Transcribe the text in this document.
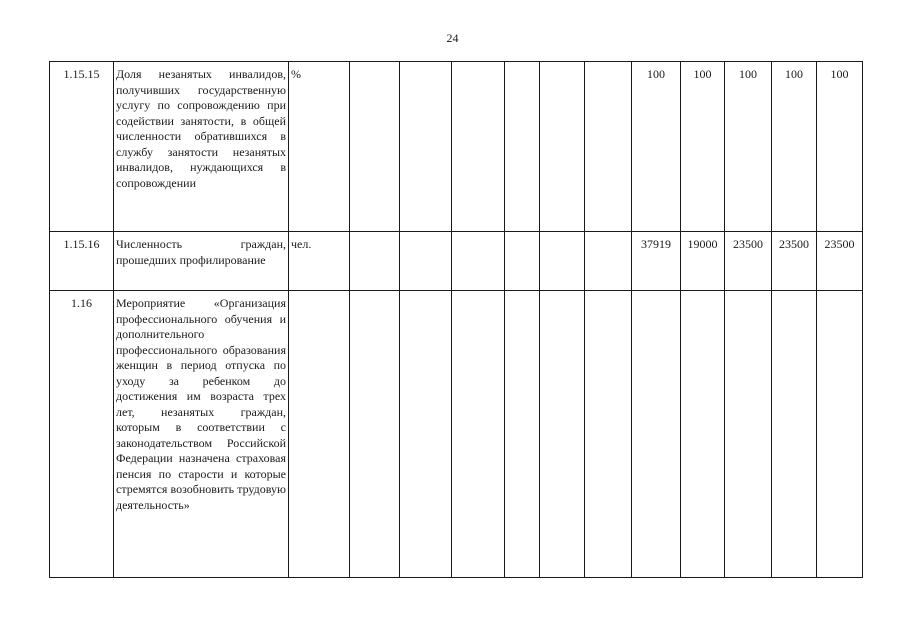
24
1.15.15	Доля незанятых инвалидов, получивших государственную услугу по сопровождению при содействии занятости, в общей численности обратившихся в службу занятости незанятых инвалидов, нуждающихся в сопровождении	%							100	100	100	100	100
1.15.16	Численность граждан, прошедших профилирование	чел.							37919	19000	23500	23500	23500
1.16	Мероприятие «Организация профессионального обучения и дополнительного профессионального образования женщин в период отпуска по уходу за ребенком до достижения им возраста трех лет, незанятых граждан, которым в соответствии с законодательством Российской Федерации назначена страховая пенсия по старости и которые стремятся возобновить трудовую деятельность»												
